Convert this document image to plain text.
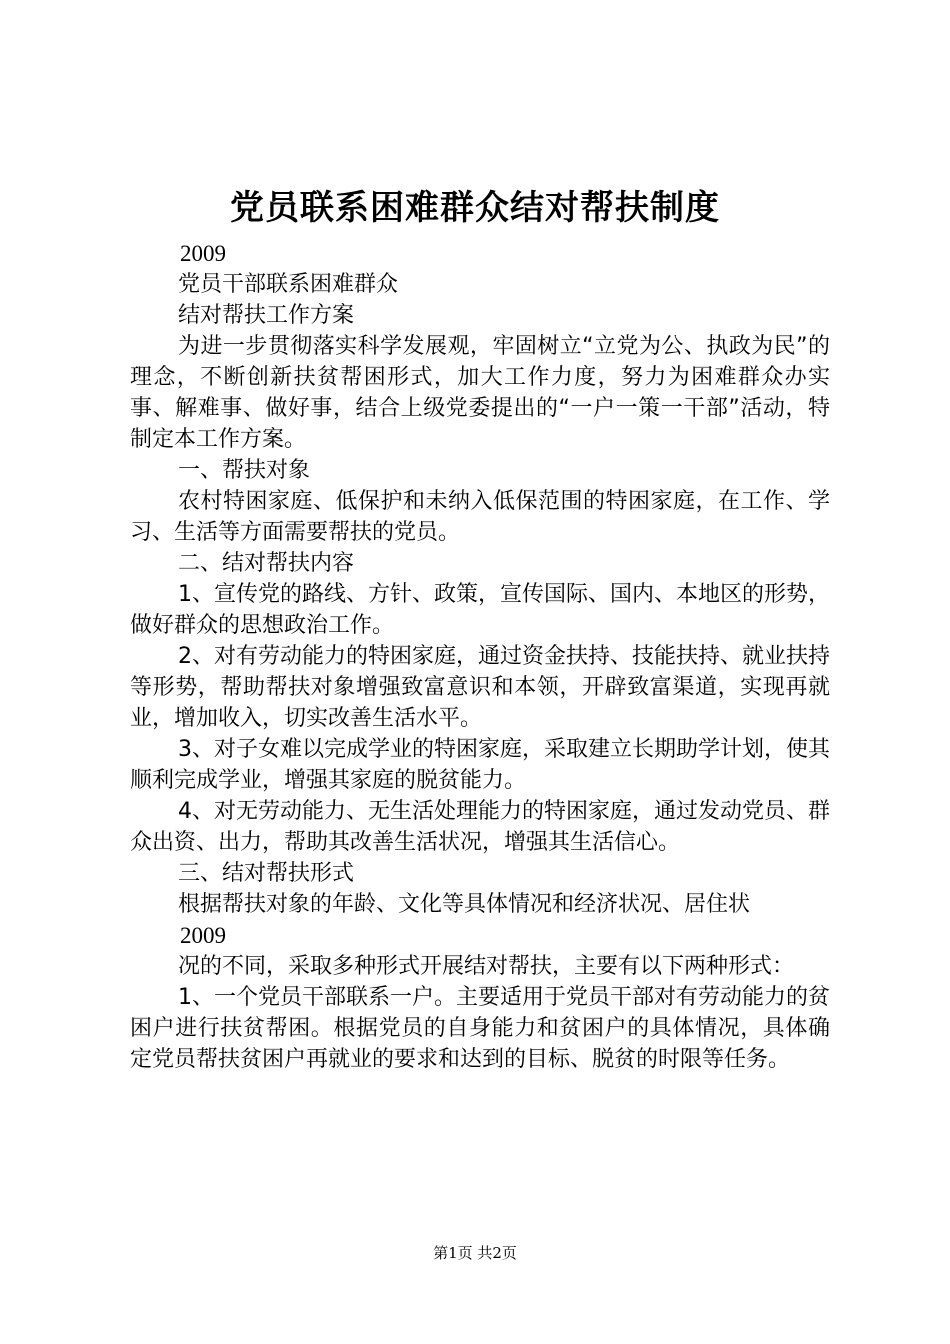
党员联系困难群众结对帮扶制度
2009
党员干部联系困难群众
结对帮扶工作方案
为进一步贯彻落实科学发展观，牢固树立“立党为公、执政为民”的理念，不断创新扶贫帮困形式，加大工作力度，努力为困难群众办实事、解难事、做好事，结合上级党委提出的“一户一策一干部”活动，特制定本工作方案。
一、帮扶对象
农村特困家庭、低保护和未纳入低保范围的特困家庭，在工作、学习、生活等方面需要帮扶的党员。
二、结对帮扶内容
1、宣传党的路线、方针、政策，宣传国际、国内、本地区的形势，做好群众的思想政治工作。
2、对有劳动能力的特困家庭，通过资金扶持、技能扶持、就业扶持等形势，帮助帮扶对象增强致富意识和本领，开辟致富渠道，实现再就业，增加收入，切实改善生活水平。
3、对子女难以完成学业的特困家庭，采取建立长期助学计划，使其顺利完成学业，增强其家庭的脱贫能力。
4、对无劳动能力、无生活处理能力的特困家庭，通过发动党员、群众出资、出力，帮助其改善生活状况，增强其生活信心。
三、结对帮扶形式
根据帮扶对象的年龄、文化等具体情况和经济状况、居住状
2009
况的不同，采取多种形式开展结对帮扶，主要有以下两种形式：
1、一个党员干部联系一户。主要适用于党员干部对有劳动能力的贫困户进行扶贫帮困。根据党员的自身能力和贫困户的具体情况，具体确定党员帮扶贫困户再就业的要求和达到的目标、脱贫的时限等任务。
第1页 共2页
